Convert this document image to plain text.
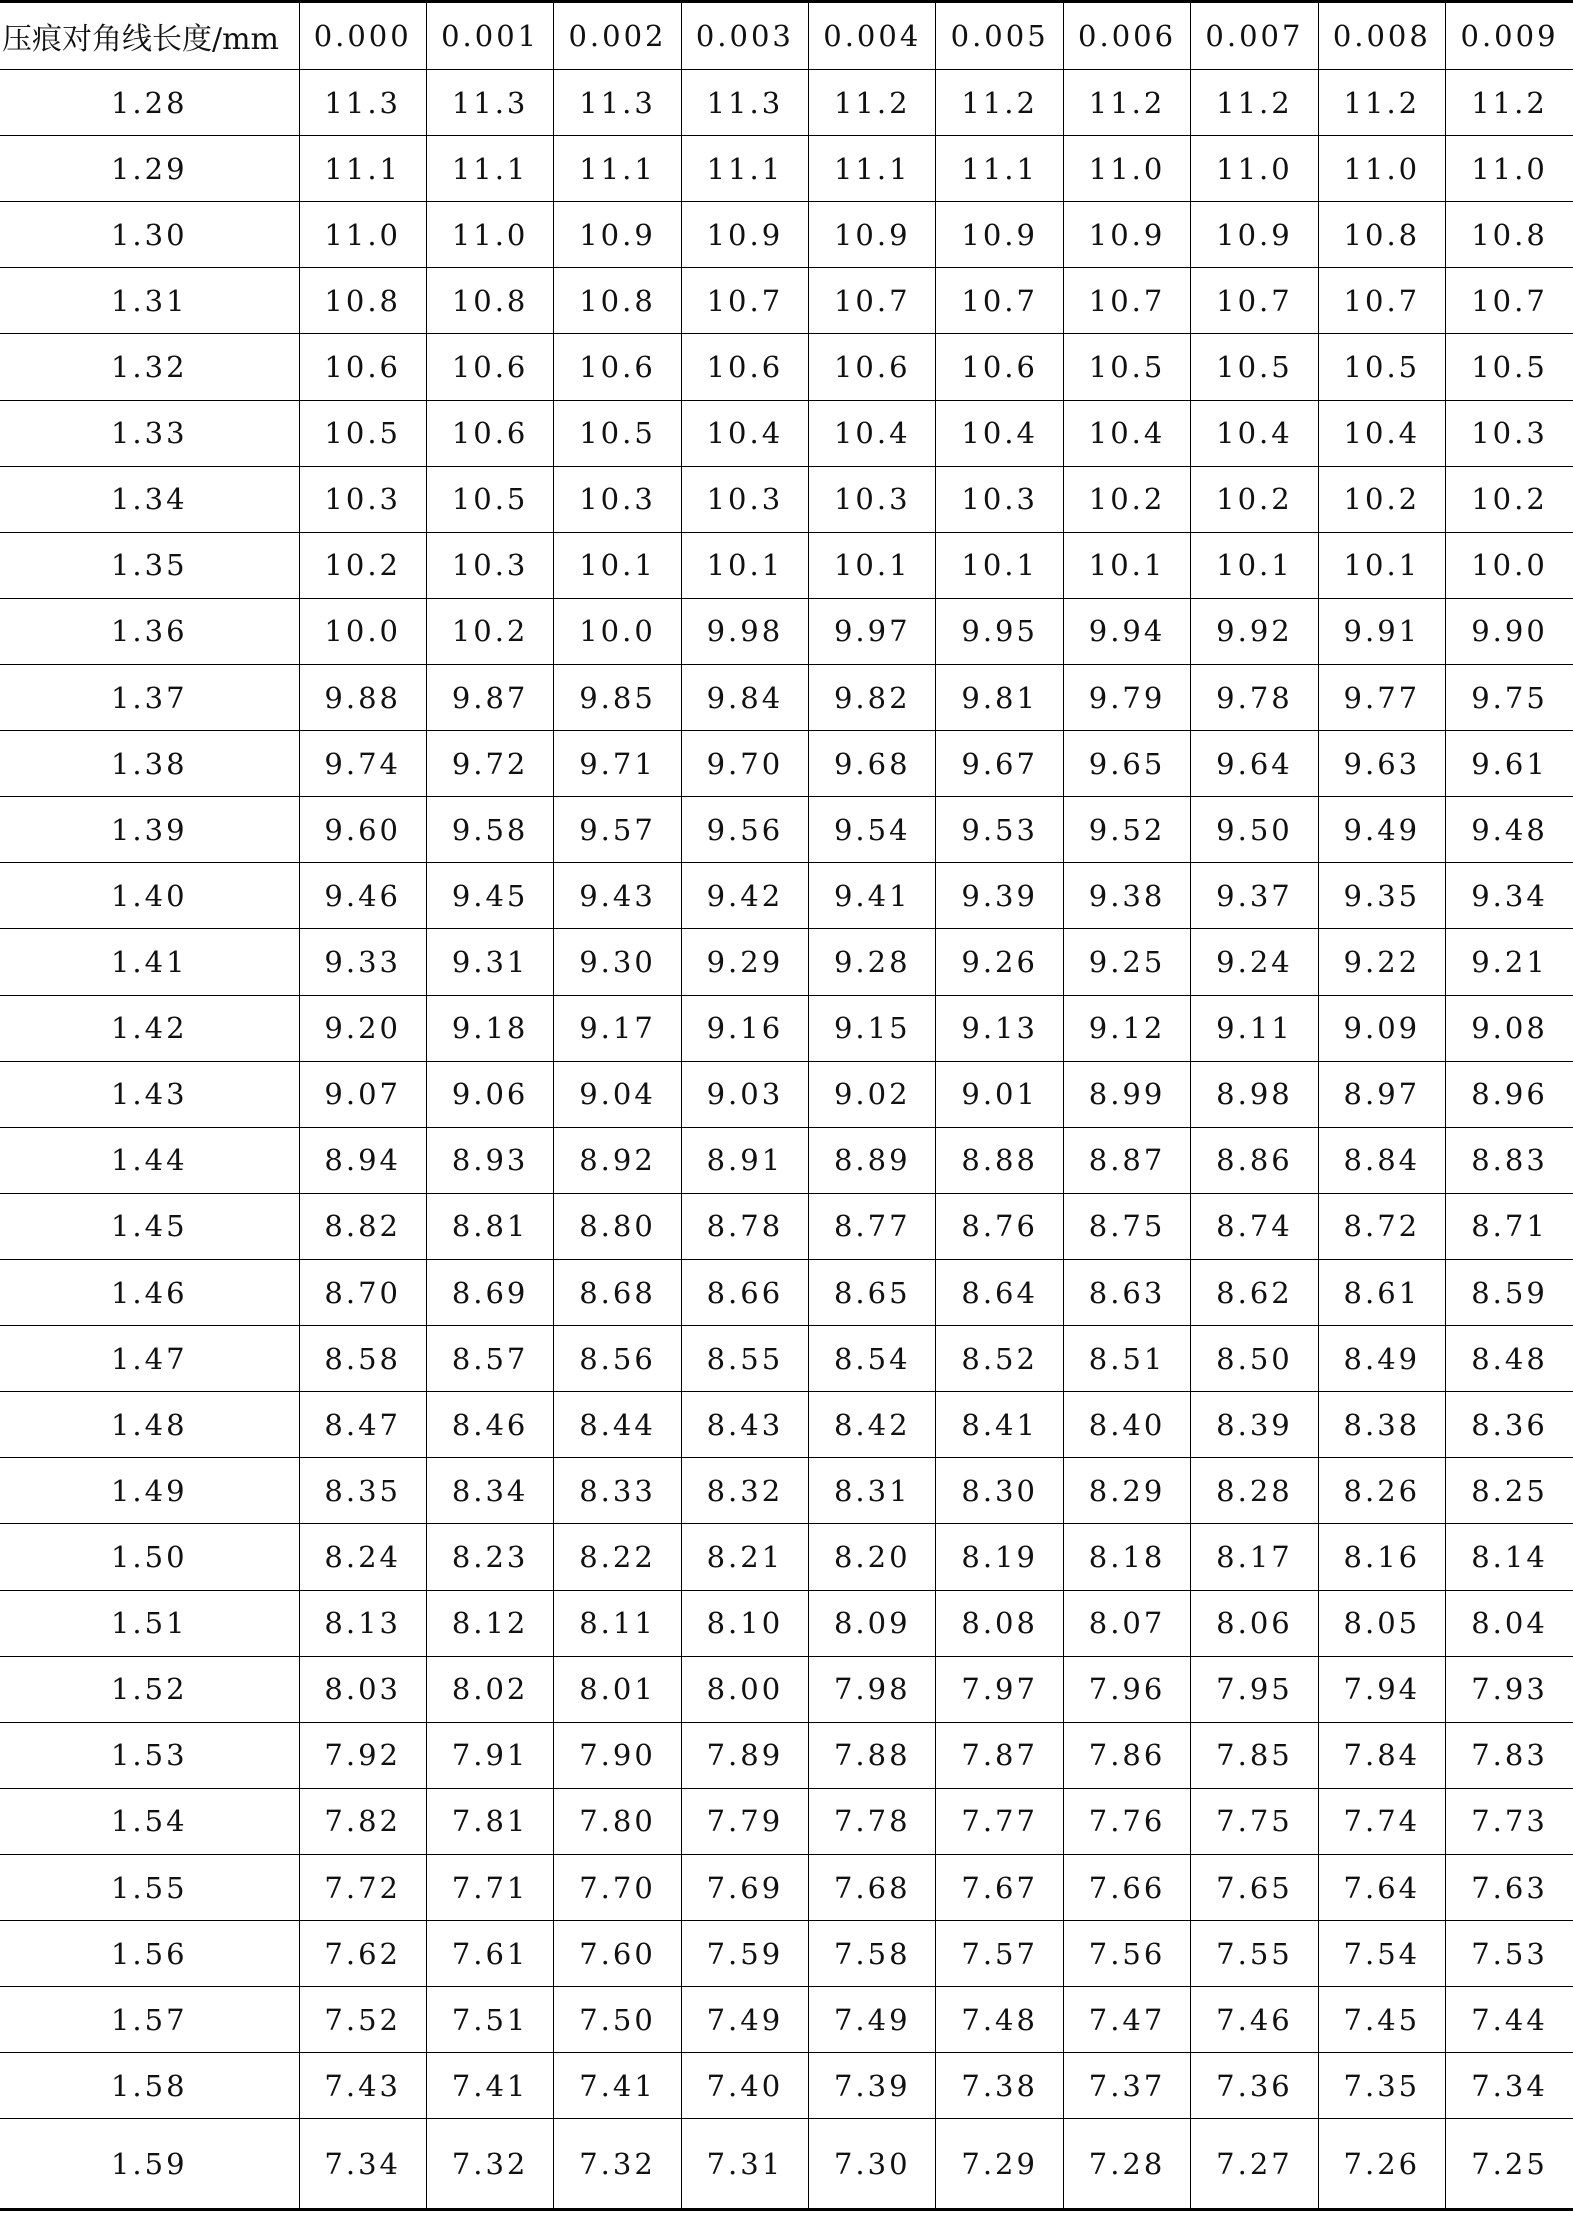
压痕对角线长度/mm	0.000	0.001	0.002	0.003	0.004	0.005	0.006	0.007	0.008	0.009
1.28	11.3	11.3	11.3	11.3	11.2	11.2	11.2	11.2	11.2	11.2
1.29	11.1	11.1	11.1	11.1	11.1	11.1	11.0	11.0	11.0	11.0
1.30	11.0	11.0	10.9	10.9	10.9	10.9	10.9	10.9	10.8	10.8
1.31	10.8	10.8	10.8	10.7	10.7	10.7	10.7	10.7	10.7	10.7
1.32	10.6	10.6	10.6	10.6	10.6	10.6	10.5	10.5	10.5	10.5
1.33	10.5	10.6	10.5	10.4	10.4	10.4	10.4	10.4	10.4	10.3
1.34	10.3	10.5	10.3	10.3	10.3	10.3	10.2	10.2	10.2	10.2
1.35	10.2	10.3	10.1	10.1	10.1	10.1	10.1	10.1	10.1	10.0
1.36	10.0	10.2	10.0	9.98	9.97	9.95	9.94	9.92	9.91	9.90
1.37	9.88	9.87	9.85	9.84	9.82	9.81	9.79	9.78	9.77	9.75
1.38	9.74	9.72	9.71	9.70	9.68	9.67	9.65	9.64	9.63	9.61
1.39	9.60	9.58	9.57	9.56	9.54	9.53	9.52	9.50	9.49	9.48
1.40	9.46	9.45	9.43	9.42	9.41	9.39	9.38	9.37	9.35	9.34
1.41	9.33	9.31	9.30	9.29	9.28	9.26	9.25	9.24	9.22	9.21
1.42	9.20	9.18	9.17	9.16	9.15	9.13	9.12	9.11	9.09	9.08
1.43	9.07	9.06	9.04	9.03	9.02	9.01	8.99	8.98	8.97	8.96
1.44	8.94	8.93	8.92	8.91	8.89	8.88	8.87	8.86	8.84	8.83
1.45	8.82	8.81	8.80	8.78	8.77	8.76	8.75	8.74	8.72	8.71
1.46	8.70	8.69	8.68	8.66	8.65	8.64	8.63	8.62	8.61	8.59
1.47	8.58	8.57	8.56	8.55	8.54	8.52	8.51	8.50	8.49	8.48
1.48	8.47	8.46	8.44	8.43	8.42	8.41	8.40	8.39	8.38	8.36
1.49	8.35	8.34	8.33	8.32	8.31	8.30	8.29	8.28	8.26	8.25
1.50	8.24	8.23	8.22	8.21	8.20	8.19	8.18	8.17	8.16	8.14
1.51	8.13	8.12	8.11	8.10	8.09	8.08	8.07	8.06	8.05	8.04
1.52	8.03	8.02	8.01	8.00	7.98	7.97	7.96	7.95	7.94	7.93
1.53	7.92	7.91	7.90	7.89	7.88	7.87	7.86	7.85	7.84	7.83
1.54	7.82	7.81	7.80	7.79	7.78	7.77	7.76	7.75	7.74	7.73
1.55	7.72	7.71	7.70	7.69	7.68	7.67	7.66	7.65	7.64	7.63
1.56	7.62	7.61	7.60	7.59	7.58	7.57	7.56	7.55	7.54	7.53
1.57	7.52	7.51	7.50	7.49	7.49	7.48	7.47	7.46	7.45	7.44
1.58	7.43	7.41	7.41	7.40	7.39	7.38	7.37	7.36	7.35	7.34
1.59	7.34	7.32	7.32	7.31	7.30	7.29	7.28	7.27	7.26	7.25
